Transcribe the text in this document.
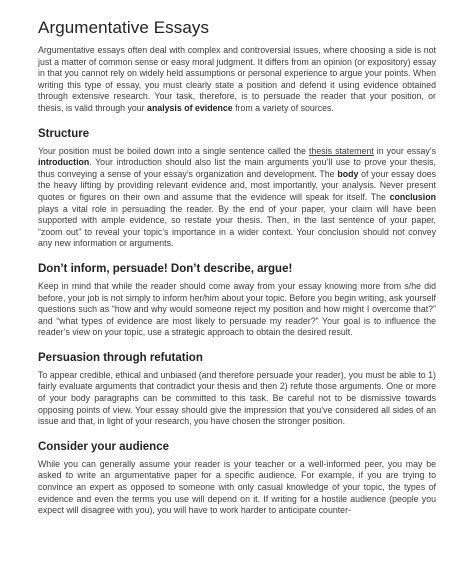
Argumentative Essays

Argumentative essays often deal with complex and controversial issues, where choosing a side is not just a matter of common sense or easy moral judgment. It differs from an opinion (or expository) essay in that you cannot rely on widely held assumptions or personal experience to argue your points. When writing this type of essay, you must clearly state a position and defend it using evidence obtained through extensive research. Your task, therefore, is to persuade the reader that your position, or thesis, is valid through your analysis of evidence from a variety of sources.

Structure

Your position must be boiled down into a single sentence called the thesis statement in your essay’s introduction. Your introduction should also list the main arguments you’ll use to prove your thesis, thus conveying a sense of your essay’s organization and development. The body of your essay does the heavy lifting by providing relevant evidence and, most importantly, your analysis. Never present quotes or figures on their own and assume that the evidence will speak for itself. The conclusion plays a vital role in persuading the reader. By the end of your paper, your claim will have been supported with ample evidence, so restate your thesis. Then, in the last sentence of your paper, “zoom out” to reveal your topic’s importance in a wider context. Your conclusion should not convey any new information or arguments.

Don’t inform, persuade! Don’t describe, argue!

Keep in mind that while the reader should come away from your essay knowing more from s/he did before, your job is not simply to inform her/him about your topic. Before you begin writing, ask yourself questions such as “how and why would someone reject my position and how might I overcome that?” and “what types of evidence are most likely to persuade my reader?” Your goal is to influence the reader’s view on your topic, use a strategic approach to obtain the desired result.

Persuasion through refutation

To appear credible, ethical and unbiased (and therefore persuade your reader), you must be able to 1) fairly evaluate arguments that contradict your thesis and then 2) refute those arguments. One or more of your body paragraphs can be committed to this task. Be careful not to be dismissive towards opposing points of view. Your essay should give the impression that you’ve considered all sides of an issue and that, in light of your research, you have chosen the stronger position.

Consider your audience

While you can generally assume your reader is your teacher or a well-informed peer, you may be asked to write an argumentative paper for a specific audience. For example, if you are trying to convince an expert as opposed to someone with only casual knowledge of your topic, the types of evidence and even the terms you use will depend on it. If writing for a hostile audience (people you expect will disagree with you), you will have to work harder to anticipate counter-
